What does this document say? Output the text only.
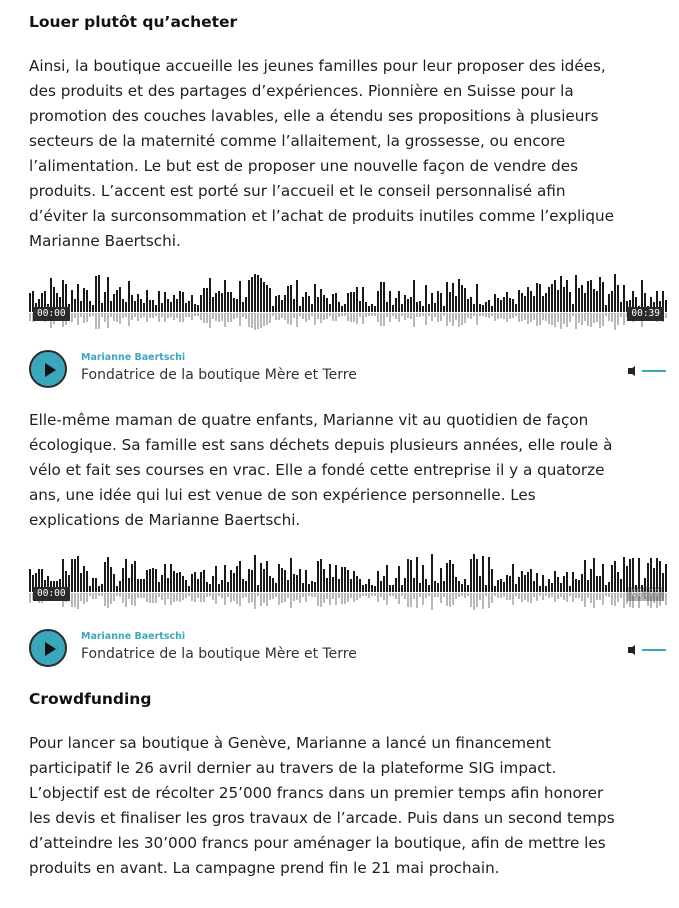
Louer plutôt qu’acheter
Ainsi, la boutique accueille les jeunes familles pour leur proposer des idées,
des produits et des partages d’expériences. Pionnière en Suisse pour la
promotion des couches lavables, elle a étendu ses propositions à plusieurs
secteurs de la maternité comme l’allaitement, la grossesse, ou encore
l’alimentation. Le but est de proposer une nouvelle façon de vendre des
produits. L’accent est porté sur l’accueil et le conseil personnalisé afin
d’éviter la surconsommation et l’achat de produits inutiles comme l’explique
Marianne Baertschi.
00:00	00:39
Marianne Baertschi
Fondatrice de la boutique Mère et Terre
Elle-même maman de quatre enfants, Marianne vit au quotidien de façon
écologique. Sa famille est sans déchets depuis plusieurs années, elle roule à
vélo et fait ses courses en vrac. Elle a fondé cette entreprise il y a quatorze
ans, une idée qui lui est venue de son expérience personnelle. Les
explications de Marianne Baertschi.
00:00	00:??
Marianne Baertschi
Fondatrice de la boutique Mère et Terre
Crowdfunding
Pour lancer sa boutique à Genève, Marianne a lancé un financement
participatif le 26 avril dernier au travers de la plateforme SIG impact.
L’objectif est de récolter 25’000 francs dans un premier temps afin honorer
les devis et finaliser les gros travaux de l’arcade. Puis dans un second temps
d’atteindre les 30’000 francs pour aménager la boutique, afin de mettre les
produits en avant. La campagne prend fin le 21 mai prochain.
